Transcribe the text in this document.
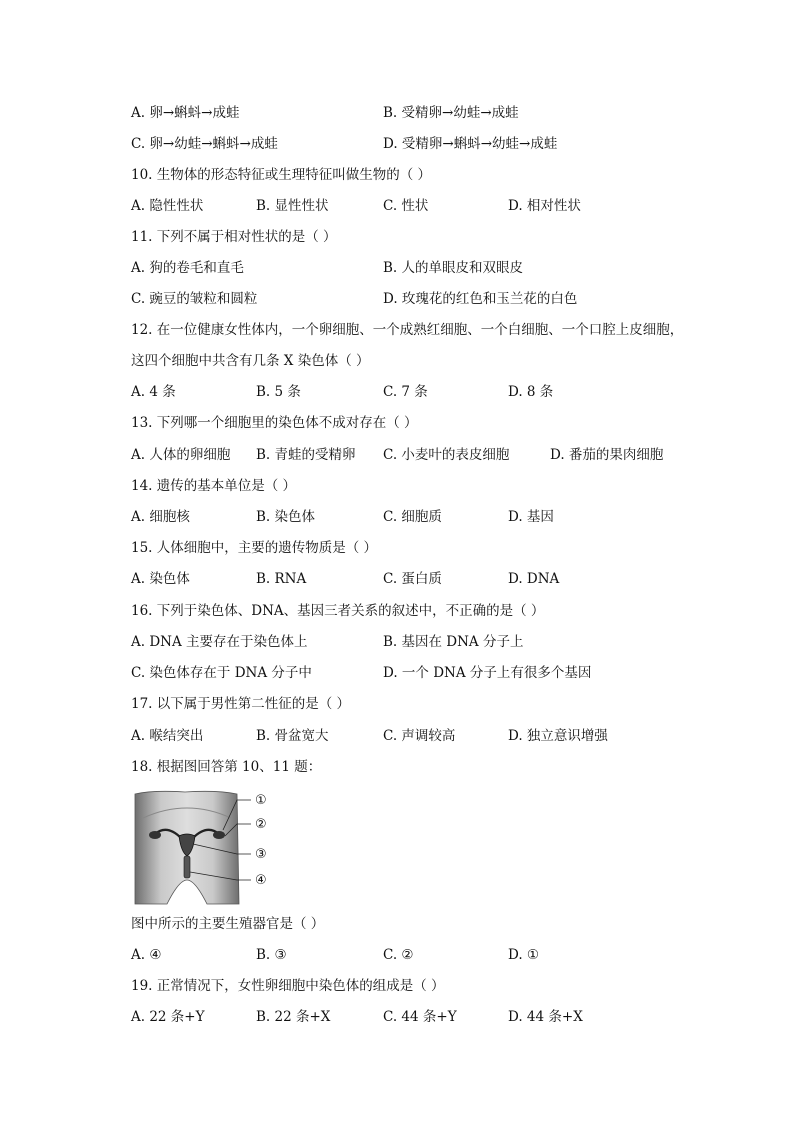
A. 卵→蝌蚪→成蛙	B. 受精卵→幼蛙→成蛙
C. 卵→幼蛙→蝌蚪→成蛙	D. 受精卵→蝌蚪→幼蛙→成蛙
10. 生物体的形态特征或生理特征叫做生物的（ ）
A. 隐性性状	B. 显性性状	C. 性状	D. 相对性状
11. 下列不属于相对性状的是（ ）
A. 狗的卷毛和直毛	B. 人的单眼皮和双眼皮
C. 豌豆的皱粒和圆粒	D. 玫瑰花的红色和玉兰花的白色
12. 在一位健康女性体内，一个卵细胞、一个成熟红细胞、一个白细胞、一个口腔上皮细胞，
这四个细胞中共含有几条 X 染色体（ ）
A. 4 条	B. 5 条	C. 7 条	D. 8 条
13. 下列哪一个细胞里的染色体不成对存在（ ）
A. 人体的卵细胞 B. 青蛙的受精卵 C. 小麦叶的表皮细胞	D. 番茄的果肉细胞
14. 遗传的基本单位是（ ）
A. 细胞核	B. 染色体	C. 细胞质	D. 基因
15. 人体细胞中，主要的遗传物质是（ ）
A. 染色体	B. RNA	C. 蛋白质	D. DNA
16. 下列于染色体、DNA、基因三者关系的叙述中，不正确的是（ ）
A. DNA 主要存在于染色体上	B. 基因在 DNA 分子上
C. 染色体存在于 DNA 分子中	D. 一个 DNA 分子上有很多个基因
17. 以下属于男性第二性征的是（ ）
A. 喉结突出	B. 骨盆宽大	C. 声调较高	D. 独立意识增强
18. 根据图回答第 10、11 题：
①
②
③
④
图中所示的主要生殖器官是（ ）
A. ④	B. ③	C. ②	D. ①
19. 正常情况下，女性卵细胞中染色体的组成是（ ）
A. 22 条+Y	B. 22 条+X	C. 44 条+Y	D. 44 条+X
